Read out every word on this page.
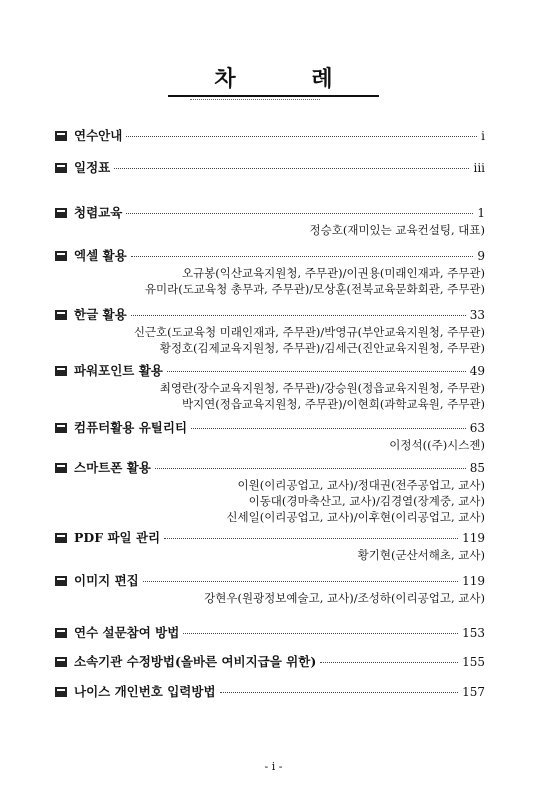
차 례
연수안내	i
일정표	iii
청렴교육	1
정승호(재미있는 교육컨설팅, 대표)
엑셀 활용	9
오규봉(익산교육지원청, 주무관)/이권용(미래인재과, 주무관)
유미라(도교육청 총무과, 주무관)/모상훈(전북교육문화회관, 주무관)
한글 활용	33
신근호(도교육청 미래인재과, 주무관)/박영규(부안교육지원청, 주무관)
황정호(김제교육지원청, 주무관)/김세근(진안교육지원청, 주무관)
파워포인트 활용	49
최영란(장수교육지원청, 주무관)/강승원(정읍교육지원청, 주무관)
박지연(정읍교육지원청, 주무관)/이현희(과학교육원, 주무관)
컴퓨터활용 유틸리티	63
이정석((주)시스젠)
스마트폰 활용	85
이원(이리공업고, 교사)/정대권(전주공업고, 교사)
이동대(경마축산고, 교사)/김경열(장계중, 교사)
신세일(이리공업고, 교사)/이후현(이리공업고, 교사)
PDF 파일 관리	119
황기현(군산서해초, 교사)
이미지 편집	119
강현우(원광정보예술고, 교사)/조성하(이리공업고, 교사)
연수 설문참여 방법	153
소속기관 수정방법(올바른 여비지급을 위한)	155
나이스 개인번호 입력방법	157
- i -
